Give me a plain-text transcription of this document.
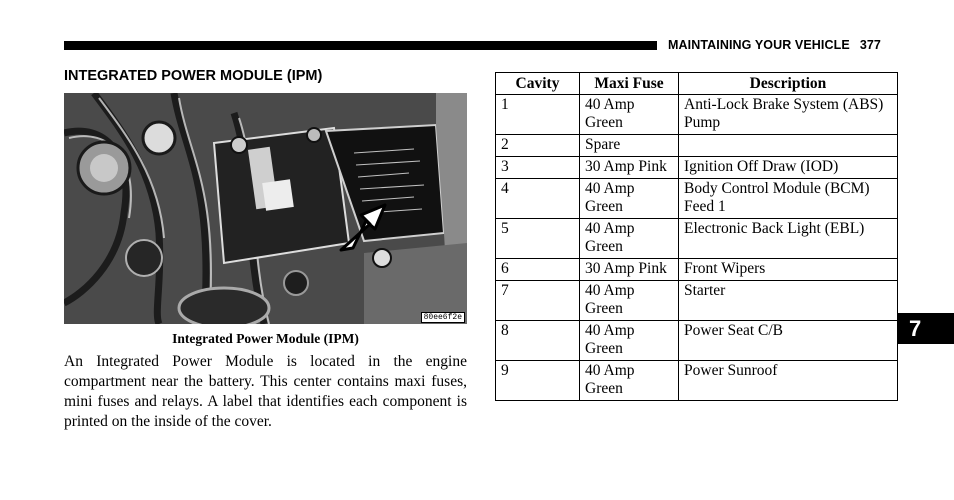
MAINTAINING YOUR VEHICLE 377
INTEGRATED POWER MODULE (IPM)
80ee6f2e
Integrated Power Module (IPM)
An Integrated Power Module is located in the engine compartment near the battery. This center contains maxi fuses, mini fuses and relays. A label that identifies each component is printed on the inside of the cover.
Cavity	Maxi Fuse	Description
1	40 Amp Green	Anti-Lock Brake System (ABS) Pump
2	Spare	
3	30 Amp Pink	Ignition Off Draw (IOD)
4	40 Amp Green	Body Control Module (BCM) Feed 1
5	40 Amp Green	Electronic Back Light (EBL)
6	30 Amp Pink	Front Wipers
7	40 Amp Green	Starter
8	40 Amp Green	Power Seat C/B
9	40 Amp Green	Power Sunroof
7
